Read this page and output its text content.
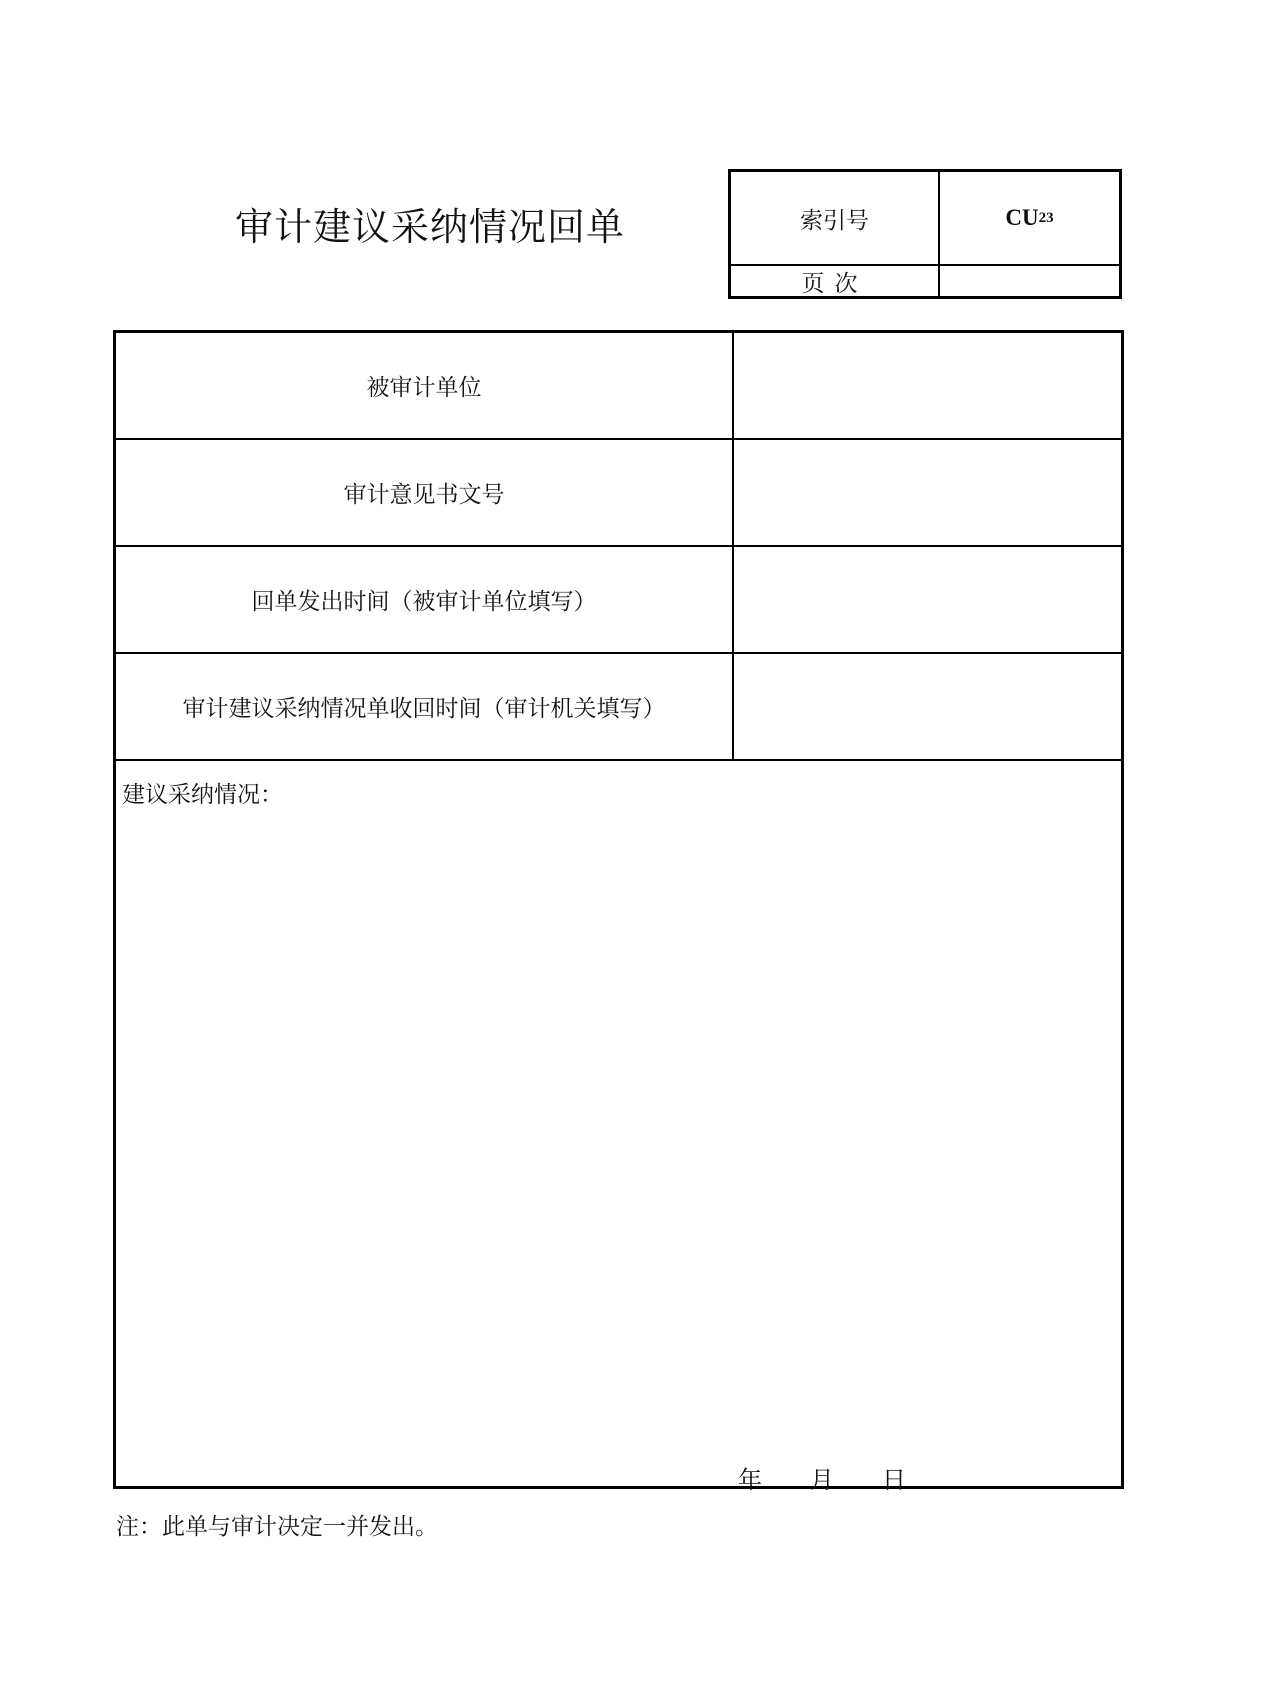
审计建议采纳情况回单	索引号	CU 23
页次
被审计单位
审计意见书文号
回单发出时间（被审计单位填写）
审计建议采纳情况单收回时间（审计机关填写）
建议采纳情况：
年 月 日
注：此单与审计决定一并发出。
